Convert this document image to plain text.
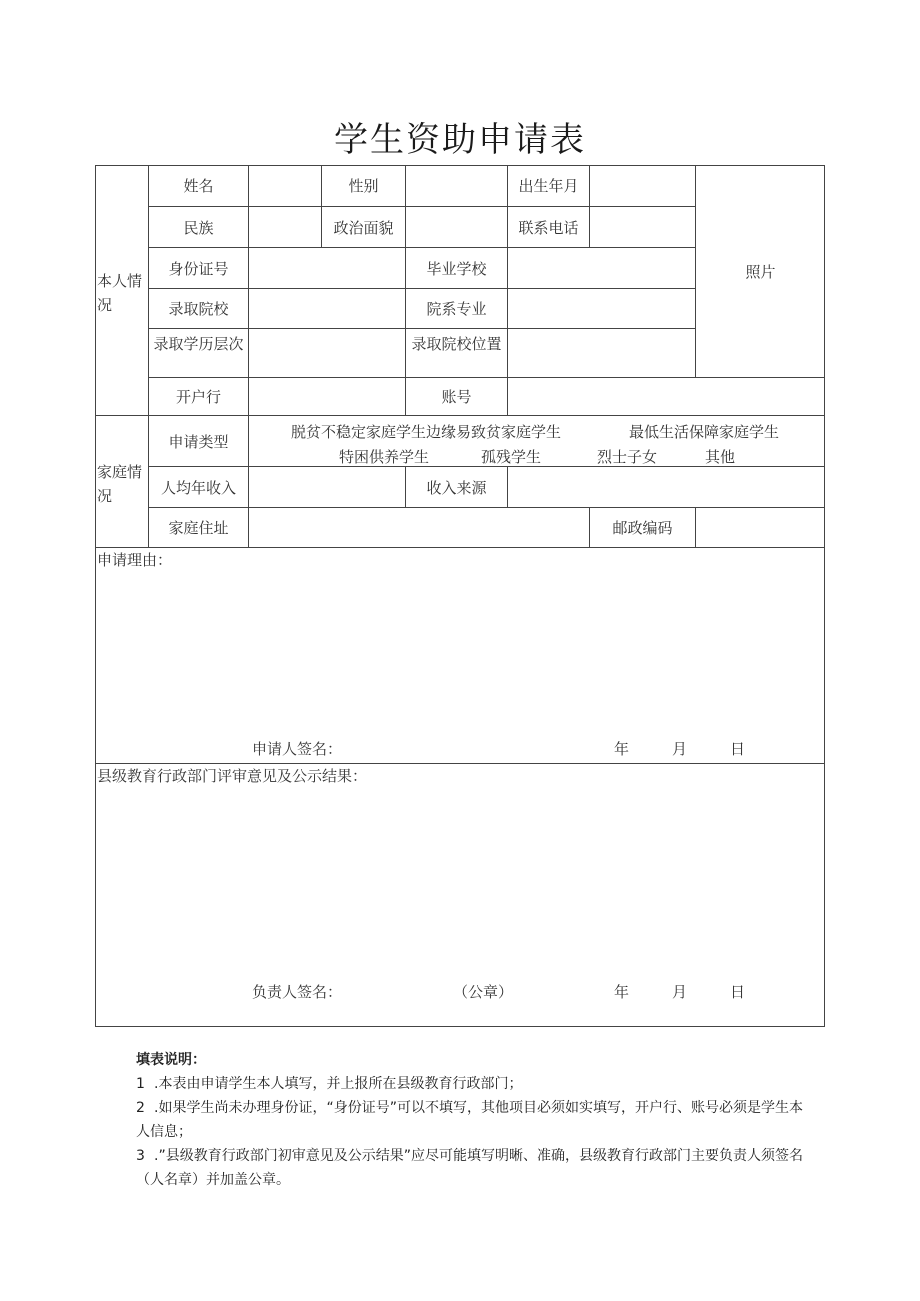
学生资助申请表
本人情况
姓名	性别	出生年月
照片
民族	政治面貌	联系电话
身份证号	毕业学校
录取院校	院系专业
录取学历层次	录取院校位置
开户行	账号
家庭情况
申请类型
脱贫不稳定家庭学生边缘易致贫家庭学生	最低生活保障家庭学生
特困供养学生	孤残学生	烈士子女	其他
人均年收入	收入来源
家庭住址	邮政编码
申请理由：
申请人签名：	年	月	日
县级教育行政部门评审意见及公示结果：
负责人签名：	（公章）	年	月	日

填表说明：

1 .本表由申请学生本人填写，并上报所在县级教育行政部门；

2 .如果学生尚未办理身份证，“身份证号”可以不填写，其他项目必须如实填写，开户行、账号必须是学生本人信息；

3 .”县级教育行政部门初审意见及公示结果”应尽可能填写明晰、准确，县级教育行政部门主要负责人须签名（人名章）并加盖公章。
